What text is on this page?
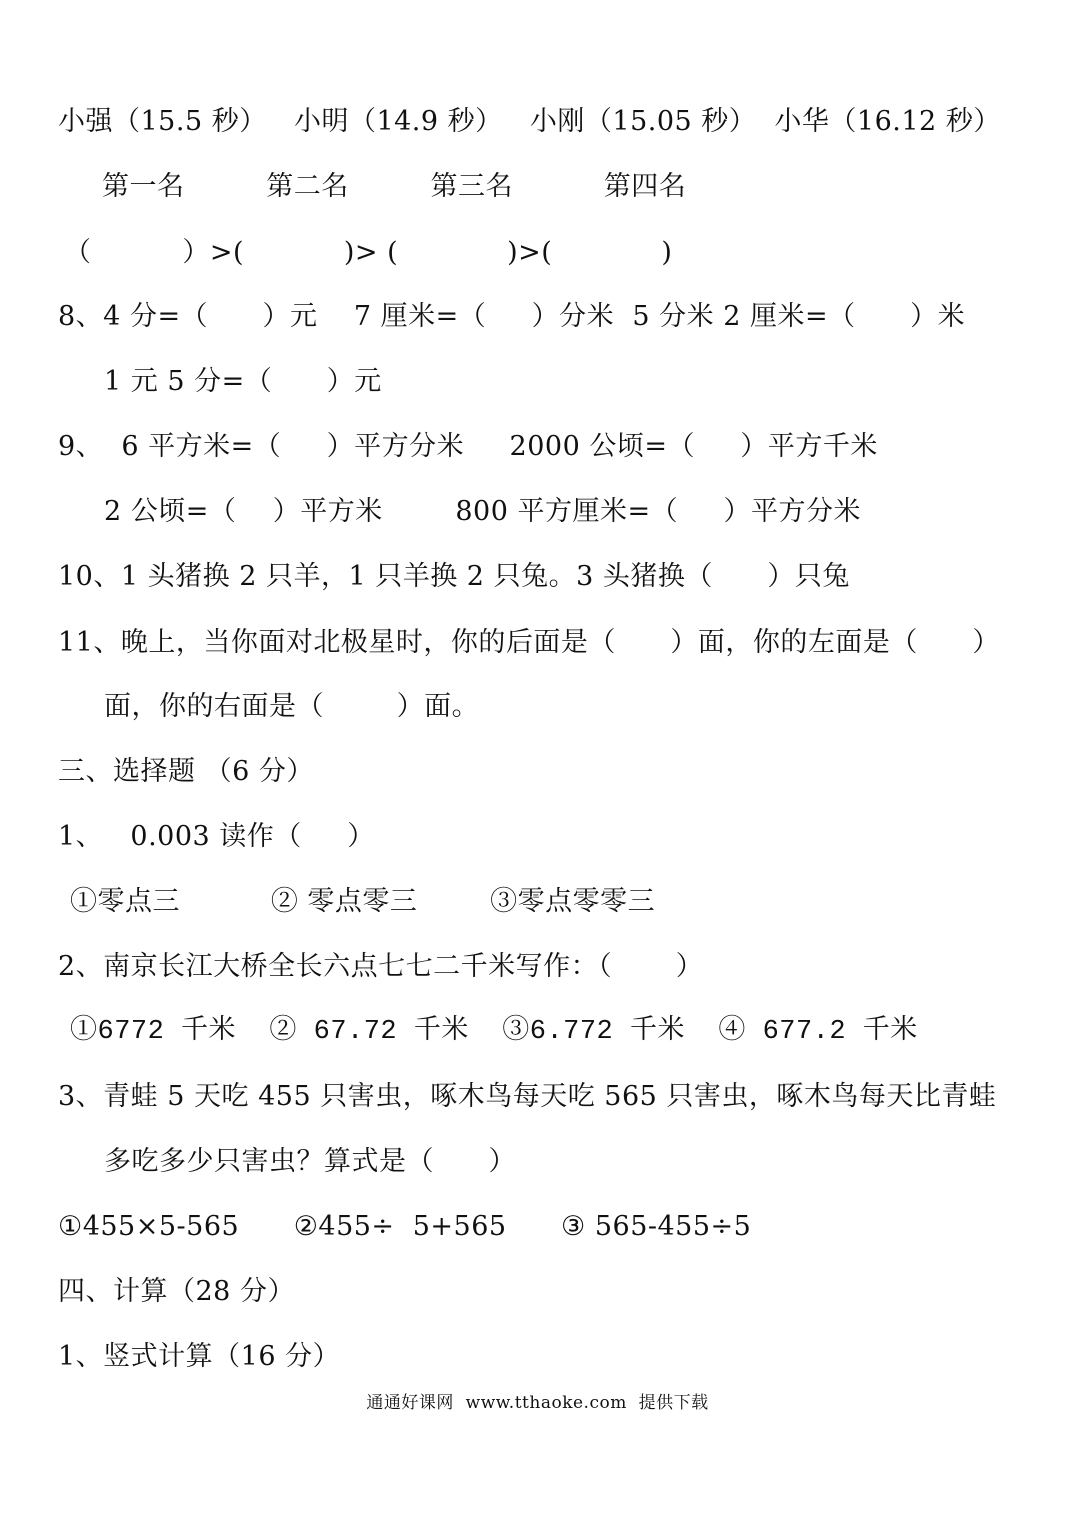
小强（15.5 秒）   小明（14.9 秒）   小刚（15.05 秒）  小华（16.12 秒）
第一名         第二名         第三名          第四名
（          ）>(           )> (            )>(            )
8、4 分=（      ）元    7 厘米=（     ）分米  5 分米 2 厘米=（      ）米
1 元 5 分=（      ）元
9、  6 平方米=（     ）平方分米     2000 公顷=（     ）平方千米
2 公顷=（    ）平方米        800 平方厘米=（     ）平方分米
10、1 头猪换 2 只羊，1 只羊换 2 只兔。3 头猪换（      ）只兔
11、晚上，当你面对北极星时，你的后面是（      ）面，你的左面是（      ）
面，你的右面是（        ）面。
三、选择题 （6 分）
1、   0.003 读作（     ）
①零点三          ② 零点零三        ③零点零零三
2、南京长江大桥全长六点七七二千米写作：（       ）
①6772 千米  ② 67.72 千米  ③6.772 千米  ④ 677.2 千米
3、青蛙 5 天吃 455 只害虫，啄木鸟每天吃 565 只害虫，啄木鸟每天比青蛙
多吃多少只害虫？算式是（      ）
①455×5-565      ②455÷  5+565      ③ 565-455÷5
四、计算（28 分）
1、竖式计算（16 分）
通通好课网  www.tthaoke.com  提供下载
